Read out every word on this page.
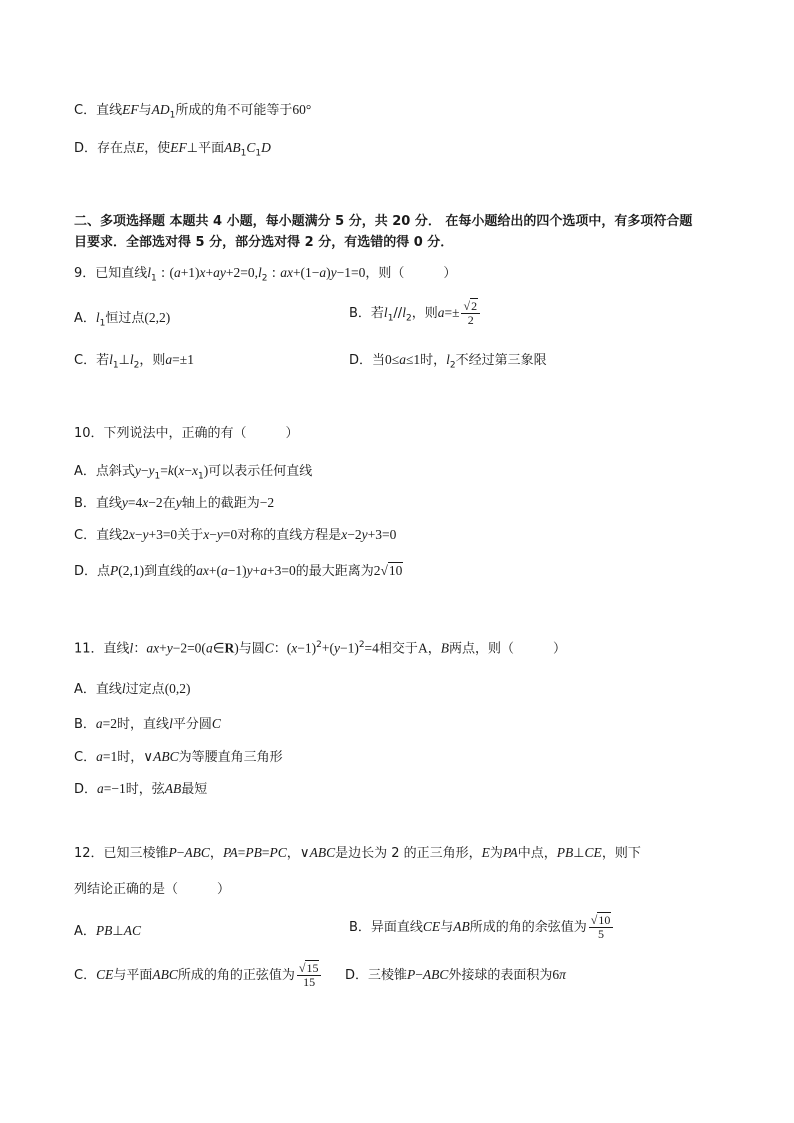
C．直线EF与$AD_1$所成的角不可能等于60°
D．存在点E，使EF⊥平面$AB_1C_1D$
二、多项选择题 本题共 4 小题，每小题满分 5 分，共 20 分． 在每小题给出的四个选项中，有多项符合题
目要求．全部选对得 5 分，部分选对得 2 分，有选错的得 0 分．
9．已知直线$l_1$ : $(a+1)x+ay+2=0,l_2$ : ax+(1−a)y−1=0，则（　　　）
A．$l_1$恒过点(2,2)	B．若$l_1//l_2$，则$a=\pm \frac{√2}{2}$
C．若$l_1\perp l_2$，则a=±1	D．当0≤a≤1时，$l_2$不经过第三象限
10．下列说法中，正确的有（　　　）
A．点斜式$y-y_1=k(x-x_1)$可以表示任何直线
B．直线y=4x−2在y轴上的截距为−2
C．直线2x−y+3=0关于x−y=0对称的直线方程是x−2y+3=0
D．点P(2,1)到直线的ax+(a−1)y+a+3=0的最大距离为2√10
11．直线l：ax+y−2=0(a∈R)与圆C：$(x-1)^2+(y-1)^2=4$相交于A，B两点，则（　　　）
A．直线l过定点(0,2)
B．a=2时，直线l平分圆C
C．a=1时，∨ABC为等腰直角三角形
D．a=−1时，弦AB最短
12．已知三棱锥P−ABC，PA=PB=PC，∨ABC是边长为 2 的正三角形，E为PA中点，PB⊥CE，则下
列结论正确的是（　　　）
A．PB⊥AC	B．异面直线CE与AB所成的角的余弦值为 $\frac{√10}{5}$
C．CE与平面ABC所成的角的正弦值为 $\frac{√15}{15}$ D．三棱锥P−ABC外接球的表面积为6π
